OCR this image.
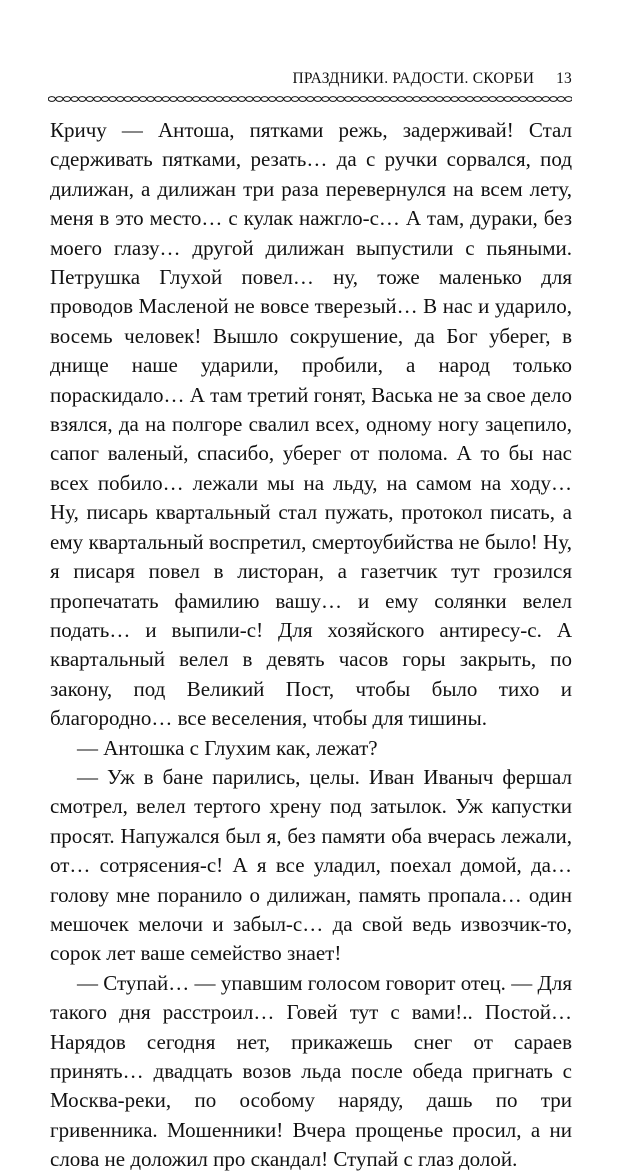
ПРАЗДНИКИ. РАДОСТИ. СКОРБИ 13

Кричу — Антоша, пятками режь, задерживай! Стал сдерживать пятками, резать… да с ручки сорвался, под дилижан, а дилижан три раза перевернулся на всем лету, меня в это место… с кулак нажгло-с… А там, дураки, без моего глазу… другой дилижан выпустили с пьяными. Петрушка Глухой повел… ну, тоже маленько для проводов Масленой не вовсе тверезый… В нас и ударило, восемь человек! Вышло сокрушение, да Бог уберег, в днище наше ударили, пробили, а народ только пораскидало… А там третий гонят, Васька не за свое дело взялся, да на полгоре свалил всех, одному ногу зацепило, сапог валеный, спасибо, уберег от полома. А то бы нас всех побило… лежали мы на льду, на самом на ходу… Ну, писарь квартальный стал пужать, протокол писать, а ему квартальный воспретил, смертоубийства не было! Ну, я писаря повел в листоран, а газетчик тут грозился пропечатать фамилию вашу… и ему солянки велел подать… и выпили-с! Для хозяйского антиресу-с. А квартальный велел в девять часов горы закрыть, по закону, под Великий Пост, чтобы было тихо и благородно… все веселения, чтобы для тишины.

— Антошка с Глухим как, лежат?

— Уж в бане парились, целы. Иван Иваныч фершал смотрел, велел тертого хрену под затылок. Уж капустки просят. Напужался был я, без памяти оба вчерась лежали, от… сотрясения-с! А я все уладил, поехал домой, да… голову мне поранило о дилижан, память пропала… один мешочек мелочи и забыл-с… да свой ведь извозчик-то, сорок лет ваше семейство знает!

— Ступай… — упавшим голосом говорит отец. — Для такого дня расстроил… Говей тут с вами!.. Постой… Нарядов сегодня нет, прикажешь снег от сараев принять… двадцать возов льда после обеда пригнать с Москва-реки, по особому наряду, дашь по три гривенника. Мошенники! Вчера прощенье просил, а ни слова не доложил про скандал! Ступай с глаз долой.
